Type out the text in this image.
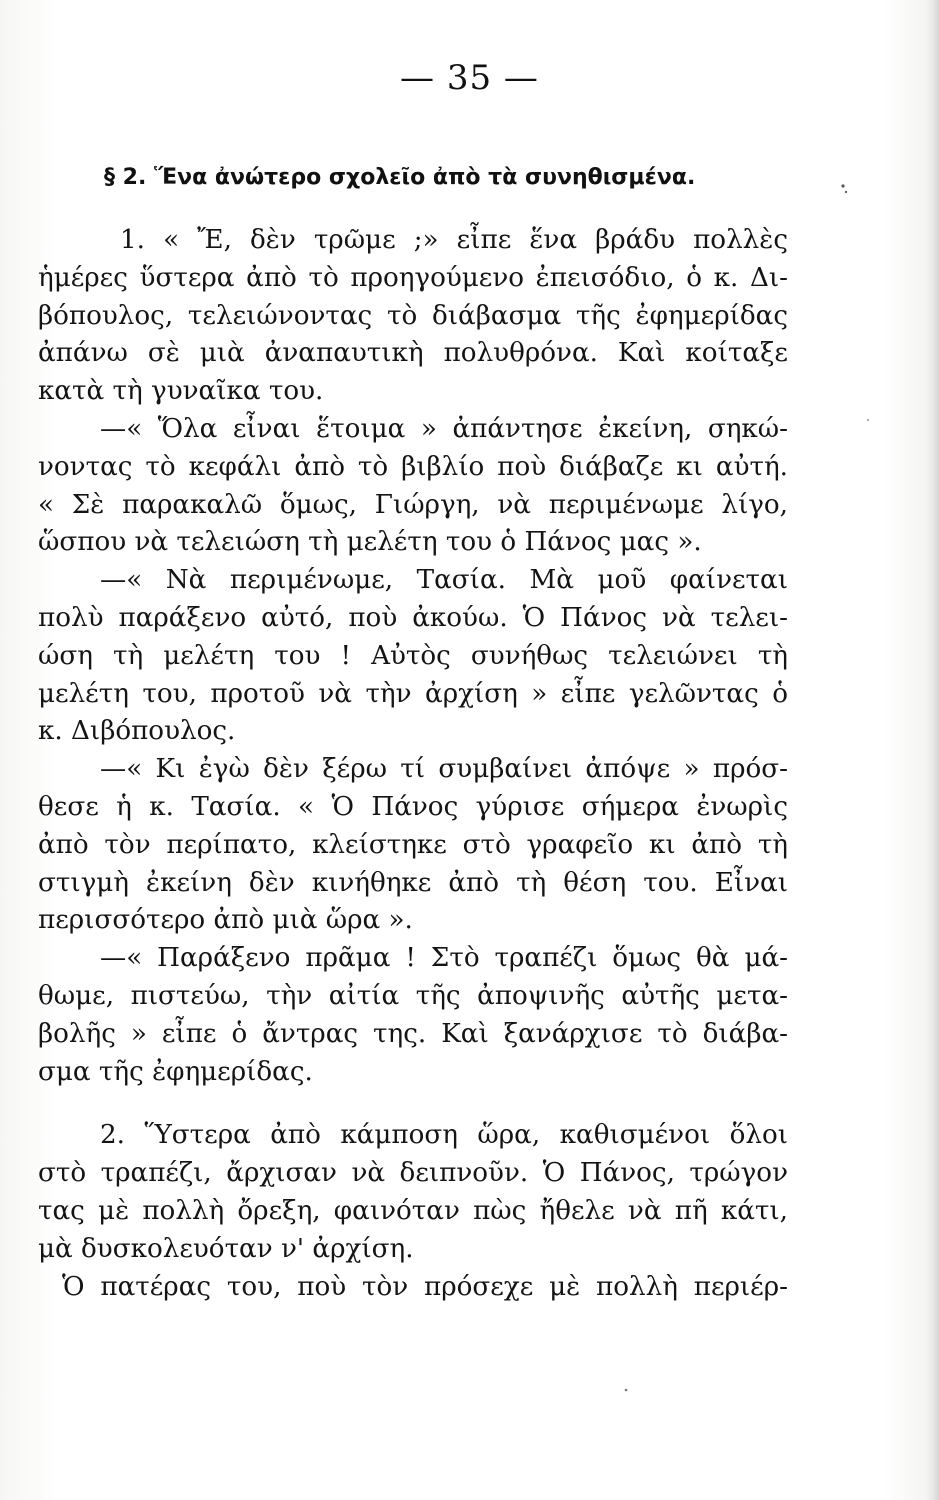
— 35 —
§ 2. Ἕνα ἀνώτερο σχολεῖο ἀπὸ τὰ συνηθισμένα.
1. « Ἔ, δὲν τρῶμε ;» εἶπε ἕνα βράδυ πολλὲς
ἡμέρες ὕστερα ἀπὸ τὸ προηγούμενο ἐπεισόδιο, ὁ κ. Δι-
βόπουλος, τελειώνοντας τὸ διάβασμα τῆς ἐφημερίδας
ἀπάνω σὲ μιὰ ἀναπαυτικὴ πολυθρόνα. Καὶ κοίταξε
κατὰ τὴ γυναῖκα του.
—« Ὅλα εἶναι ἕτοιμα » ἀπάντησε ἐκείνη, σηκώ-
νοντας τὸ κεφάλι ἀπὸ τὸ βιβλίο ποὺ διάβαζε κι αὐτή.
« Σὲ παρακαλῶ ὅμως, Γιώργη, νὰ περιμένωμε λίγο,
ὥσπου νὰ τελειώση τὴ μελέτη του ὁ Πάνος μας ».
—« Νὰ περιμένωμε, Τασία. Μὰ μοῦ φαίνεται
πολὺ παράξενο αὐτό, ποὺ ἀκούω. Ὁ Πάνος νὰ τελει-
ώση τὴ μελέτη του ! Αὐτὸς συνήθως τελειώνει τὴ
μελέτη του, προτοῦ νὰ τὴν ἀρχίση » εἶπε γελῶντας ὁ
κ. Διβόπουλος.
—« Κι ἐγὼ δὲν ξέρω τί συμβαίνει ἀπόψε » πρόσ-
θεσε ἡ κ. Τασία. « Ὁ Πάνος γύρισε σήμερα ἐνωρὶς
ἀπὸ τὸν περίπατο, κλείστηκε στὸ γραφεῖο κι ἀπὸ τὴ
στιγμὴ ἐκείνη δὲν κινήθηκε ἀπὸ τὴ θέση του. Εἶναι
περισσότερο ἀπὸ μιὰ ὥρα ».
—« Παράξενο πρᾶμα ! Στὸ τραπέζι ὅμως θὰ μά-
θωμε, πιστεύω, τὴν αἰτία τῆς ἀποψινῆς αὐτῆς μετα-
βολῆς » εἶπε ὁ ἄντρας της. Καὶ ξανάρχισε τὸ διάβα-
σμα τῆς ἐφημερίδας.
2. Ὕστερα ἀπὸ κάμποση ὥρα, καθισμένοι ὅλοι
στὸ τραπέζι, ἄρχισαν νὰ δειπνοῦν. Ὁ Πάνος, τρώγον
τας μὲ πολλὴ ὄρεξη, φαινόταν πὼς ἤθελε νὰ πῆ κάτι,
μὰ δυσκολευόταν ν' ἀρχίση.
Ὁ πατέρας του, ποὺ τὸν πρόσεχε μὲ πολλὴ περιέρ-
